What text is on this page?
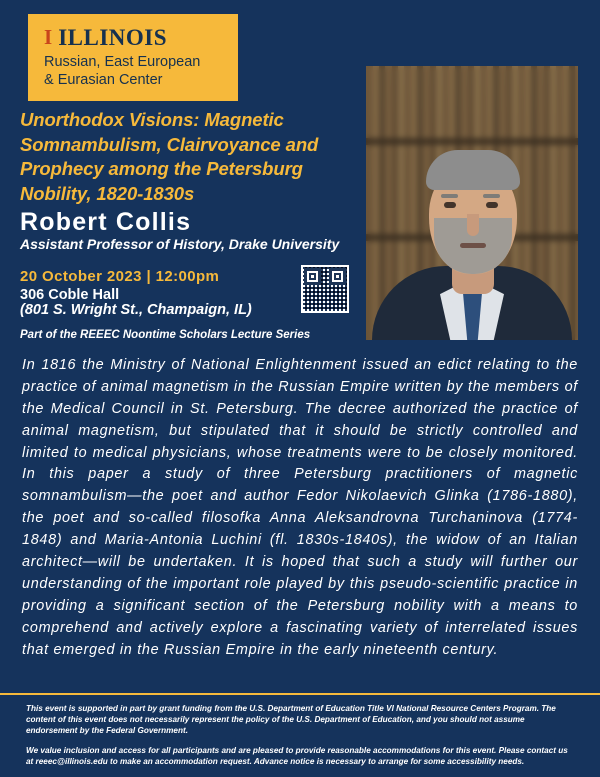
I ILLINOIS
Russian, East European
& Eurasian Center
Unorthodox Visions: Magnetic Somnambulism, Clairvoyance and Prophecy among the Petersburg Nobility, 1820-1830s
Robert Collis
Assistant Professor of History, Drake University
20 October 2023 | 12:00pm
306 Coble Hall
(801 S. Wright St., Champaign, IL)
Part of the REEEC Noontime Scholars Lecture Series
In 1816 the Ministry of National Enlightenment issued an edict relating to the practice of animal magnetism in the Russian Empire written by the members of the Medical Council in St. Petersburg. The decree authorized the practice of animal magnetism, but stipulated that it should be strictly controlled and limited to medical physicians, whose treatments were to be closely monitored. In this paper a study of three Petersburg practitioners of magnetic somnambulism—the poet and author Fedor Nikolaevich Glinka (1786-1880), the poet and so-called filosofka Anna Aleksandrovna Turchaninova (1774-1848) and Maria-Antonia Luchini (fl. 1830s-1840s), the widow of an Italian architect—will be undertaken. It is hoped that such a study will further our understanding of the important role played by this pseudo-scientific practice in providing a significant section of the Petersburg nobility with a means to comprehend and actively explore a fascinating variety of interrelated issues that emerged in the Russian Empire in the early nineteenth century.

This event is supported in part by grant funding from the U.S. Department of Education Title VI National Resource Centers Program. The content of this event does not necessarily represent the policy of the U.S. Department of Education, and you should not assume endorsement by the Federal Government.

We value inclusion and access for all participants and are pleased to provide reasonable accommodations for this event. Please contact us at reeec@illinois.edu to make an accommodation request. Advance notice is necessary to arrange for some accessibility needs.
